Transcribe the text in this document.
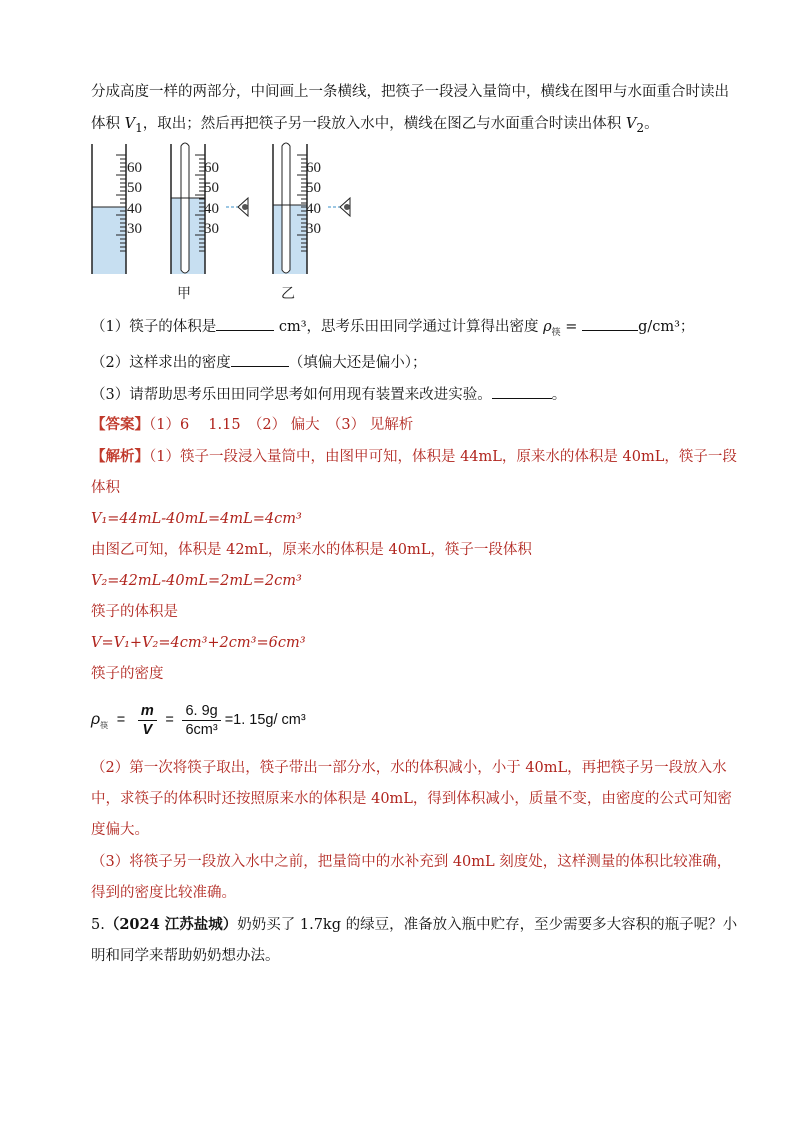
分成高度一样的两部分，中间画上一条横线，把筷子一段浸入量筒中，横线在图甲与水面重合时读出
体积 $V_1$，取出；然后再把筷子另一段放入水中，横线在图乙与水面重合时读出体积 $V_2$。
60
50
40
30
60
50
40
30
甲
60
50
40
30
乙
（1）筷子的体积是	cm³，思考乐田田同学通过计算得出密度 $\rho_筷$ =	g/cm³；
（2）这样求出的密度	（填偏大还是偏小）；
（3）请帮助思考乐田田同学思考如何用现有装置来改进实验。	。
【答案】（1）6　 1.15　（2） 偏大　（3） 见解析
【解析】（1）筷子一段浸入量筒中，由图甲可知，体积是 44mL，原来水的体积是 40mL，筷子一段
体积
V₁=44mL-40mL=4mL=4cm³
由图乙可知，体积是 42mL，原来水的体积是 40mL，筷子一段体积
V₂=42mL-40mL=2mL=2cm³
筷子的体积是
V=V₁+V₂=4cm³+2cm³=6cm³
筷子的密度
$\rho_筷 = \frac{m}{V} = \frac{6. 9g}{\text{6cm³}} =1$. 15g/ cm³
（2）第一次将筷子取出，筷子带出一部分水，水的体积减小，小于 40mL，再把筷子另一段放入水
中，求筷子的体积时还按照原来水的体积是 40mL，得到体积减小，质量不变，由密度的公式可知密
度偏大。
（3）将筷子另一段放入水中之前，把量筒中的水补充到 40mL 刻度处，这样测量的体积比较准确，
得到的密度比较准确。
5.（2024 江苏盐城）奶奶买了 1.7kg 的绿豆，准备放入瓶中贮存，至少需要多大容积的瓶子呢？小
明和同学来帮助奶奶想办法。
